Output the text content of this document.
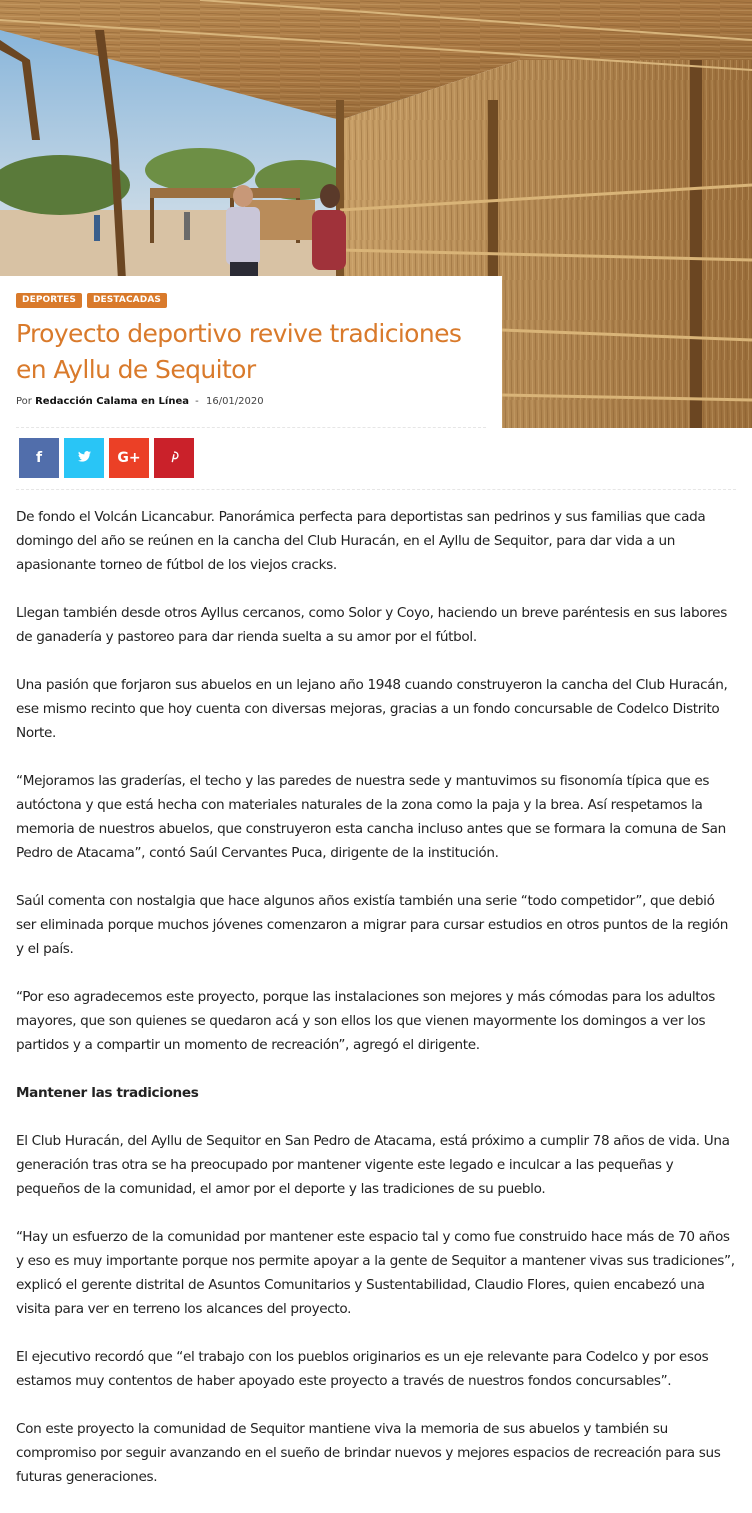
DEPORTES	DESTACADAS
Proyecto deportivo revive tradiciones en Ayllu de Sequitor
Por Redacción Calama en Línea - 16/01/2020
f	G+

De fondo el Volcán Licancabur. Panorámica perfecta para deportistas san pedrinos y sus familias que cada domingo del año se reúnen en la cancha del Club Huracán, en el Ayllu de Sequitor, para dar vida a un apasionante torneo de fútbol de los viejos cracks.

Llegan también desde otros Ayllus cercanos, como Solor y Coyo, haciendo un breve paréntesis en sus labores de ganadería y pastoreo para dar rienda suelta a su amor por el fútbol.

Una pasión que forjaron sus abuelos en un lejano año 1948 cuando construyeron la cancha del Club Huracán, ese mismo recinto que hoy cuenta con diversas mejoras, gracias a un fondo concursable de Codelco Distrito Norte.

“Mejoramos las graderías, el techo y las paredes de nuestra sede y mantuvimos su fisonomía típica que es autóctona y que está hecha con materiales naturales de la zona como la paja y la brea. Así respetamos la memoria de nuestros abuelos, que construyeron esta cancha incluso antes que se formara la comuna de San Pedro de Atacama”, contó Saúl Cervantes Puca, dirigente de la institución.

Saúl comenta con nostalgia que hace algunos años existía también una serie “todo competidor”, que debió ser eliminada porque muchos jóvenes comenzaron a migrar para cursar estudios en otros puntos de la región y el país.

“Por eso agradecemos este proyecto, porque las instalaciones son mejores y más cómodas para los adultos mayores, que son quienes se quedaron acá y son ellos los que vienen mayormente los domingos a ver los partidos y a compartir un momento de recreación”, agregó el dirigente.

Mantener las tradiciones

El Club Huracán, del Ayllu de Sequitor en San Pedro de Atacama, está próximo a cumplir 78 años de vida. Una generación tras otra se ha preocupado por mantener vigente este legado e inculcar a las pequeñas y pequeños de la comunidad, el amor por el deporte y las tradiciones de su pueblo.

“Hay un esfuerzo de la comunidad por mantener este espacio tal y como fue construido hace más de 70 años y eso es muy importante porque nos permite apoyar a la gente de Sequitor a mantener vivas sus tradiciones”, explicó el gerente distrital de Asuntos Comunitarios y Sustentabilidad, Claudio Flores, quien encabezó una visita para ver en terreno los alcances del proyecto.

El ejecutivo recordó que “el trabajo con los pueblos originarios es un eje relevante para Codelco y por esos estamos muy contentos de haber apoyado este proyecto a través de nuestros fondos concursables”.

Con este proyecto la comunidad de Sequitor mantiene viva la memoria de sus abuelos y también su compromiso por seguir avanzando en el sueño de brindar nuevos y mejores espacios de recreación para sus futuras generaciones.
